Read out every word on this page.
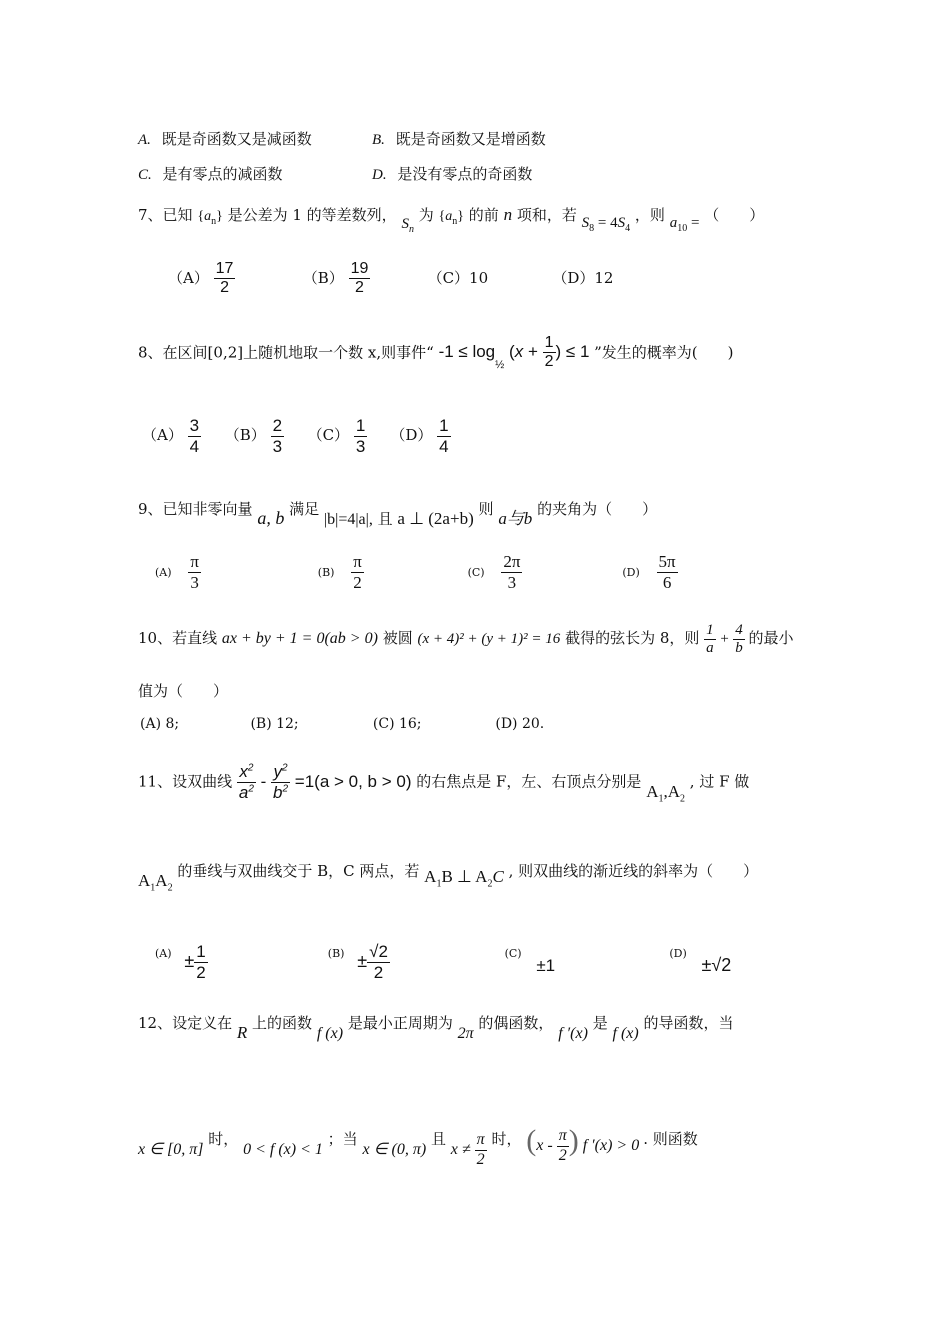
A. 既是奇函数又是减函数	B. 既是奇函数又是增函数
C. 是有零点的减函数	D. 是没有零点的奇函数
7、已知 $\{a_n\}$ 是公差为 1 的等差数列， $S_n$ 为 $\{a_n\}$ 的前 n 项和，若 $S_8 = 4S_4$ ，则 $a_{10}$ = （　　）
$(A) \frac{17}{2}$	$(B) \frac{19}{2}$	（C）10	（D）12
8、在区间[0,2]上随机地取一个数 x,则事件“ $-1 \le \log_{\frac{1}{2}} (x + \frac{1}{2}$ ) ≤ 1 ”发生的概率为(　　)
$(A) \frac{3}{4} (B) \frac{2}{3} (C) \frac{1}{3} (D) \frac{1}{4}$
9、已知非零向量 a, b 满足 |b|=4|a|, 且 a ⊥ (2a+b) 则 a与b 的夹角为（　　）
$(A) \frac{\pi}{3}$	$(B) \frac{\pi}{2}$	$(C) \frac{2\pi}{3}$	$(D) \frac{5\pi}{6}$
10、若直线 ax + by + 1 = 0(ab > 0) 被圆 (x + 4)² + (y + 1)² = 16 截得的弦长为 8，则 $\frac{1}{a} + \frac{4}{b}$ 的最小
值为（　　）
(A) 8;	(B) 12;	(C) 16;	(D) 20.
11、设双曲线 $\frac{x^2}{a^2} - \frac{y^2}{b^2} =1(a > 0$, b > 0) 的右焦点是 F，左、右顶点分别是 $A_1,A_2$ , 过 F 做
$A_1A_2$ 的垂线与双曲线交于 B，C 两点，若 $A_1B$ ⊥ $A_2C$ , 则双曲线的渐近线的斜率为（　　）
$(A) \pm \frac{1}{2}$	$(B) \pm \frac{√2}{2}$	(C) ±1 (D) ±√2
12、设定义在 R 上的函数 f (x) 是最小正周期为 2π 的偶函数， f ′(x) 是 f (x) 的导函数，当
x ∈ [0, π] 时， 0 < f (x) < 1 ；当 x ∈ (0, π) 且 $x \ne \frac{\pi}{2}$ 时， ($x - \frac{\pi}{2}$ ) f ′(x) > 0 . 则函数
